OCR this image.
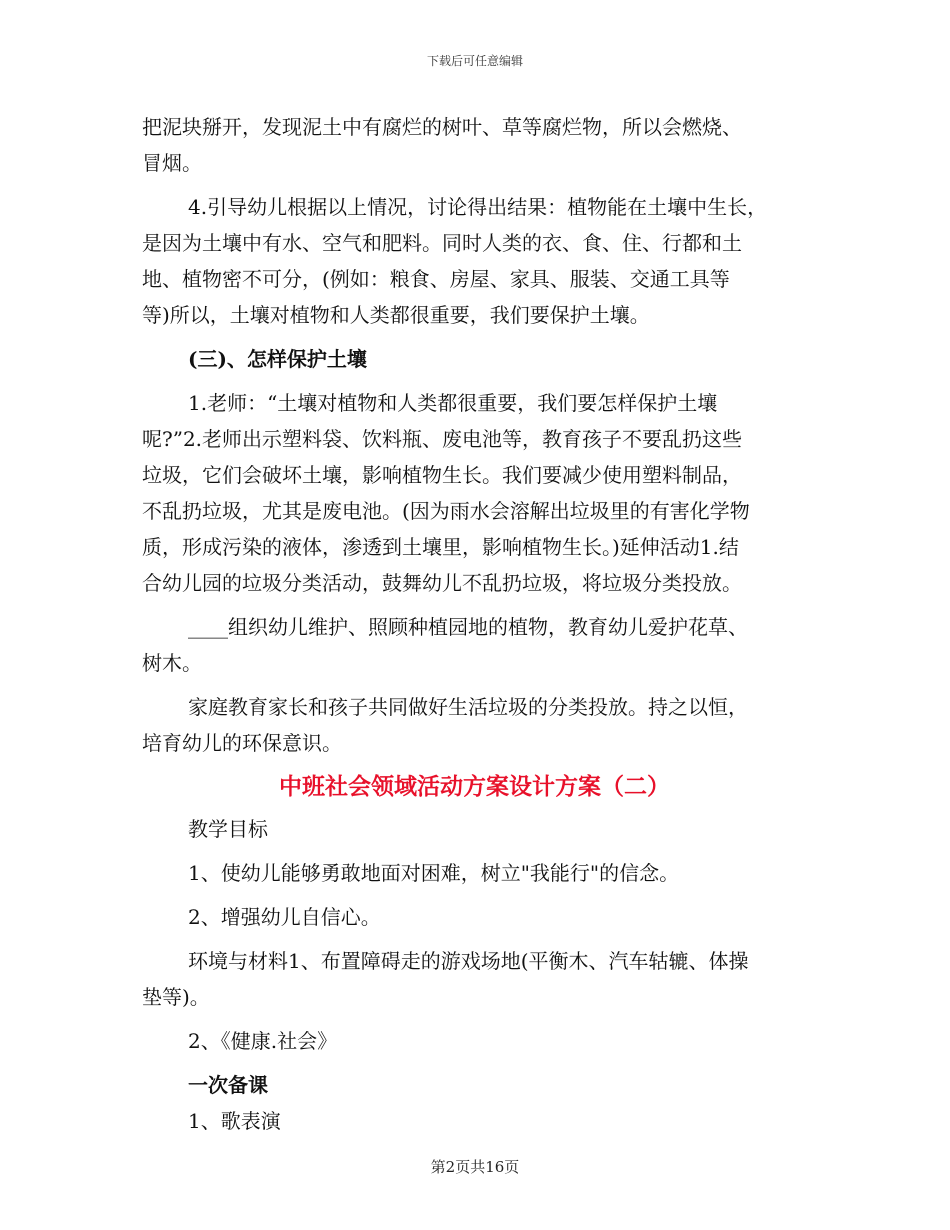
下载后可任意编辑
把泥块掰开，发现泥土中有腐烂的树叶、草等腐烂物，所以会燃烧、
冒烟。
4.引导幼儿根据以上情况，讨论得出结果：植物能在土壤中生长，
是因为土壤中有水、空气和肥料。同时人类的衣、食、住、行都和土
地、植物密不可分，(例如：粮食、房屋、家具、服装、交通工具等
等)所以，土壤对植物和人类都很重要，我们要保护土壤。
(三)、怎样保护土壤
1.老师：“土壤对植物和人类都很重要，我们要怎样保护土壤
呢?”2.老师出示塑料袋、饮料瓶、废电池等，教育孩子不要乱扔这些
垃圾，它们会破坏土壤，影响植物生长。我们要减少使用塑料制品，
不乱扔垃圾，尤其是废电池。(因为雨水会溶解出垃圾里的有害化学物
质，形成污染的液体，渗透到土壤里，影响植物生长。)延伸活动1.结
合幼儿园的垃圾分类活动，鼓舞幼儿不乱扔垃圾，将垃圾分类投放。
____组织幼儿维护、照顾种植园地的植物，教育幼儿爱护花草、
树木。
家庭教育家长和孩子共同做好生活垃圾的分类投放。持之以恒，
培育幼儿的环保意识。
中班社会领域活动方案设计方案（二）
教学目标
1、使幼儿能够勇敢地面对困难，树立"我能行"的信念。
2、增强幼儿自信心。
环境与材料1、布置障碍走的游戏场地(平衡木、汽车轱辘、体操
垫等)。
2、《健康.社会》
一次备课
1、歌表演
第2页共16页
